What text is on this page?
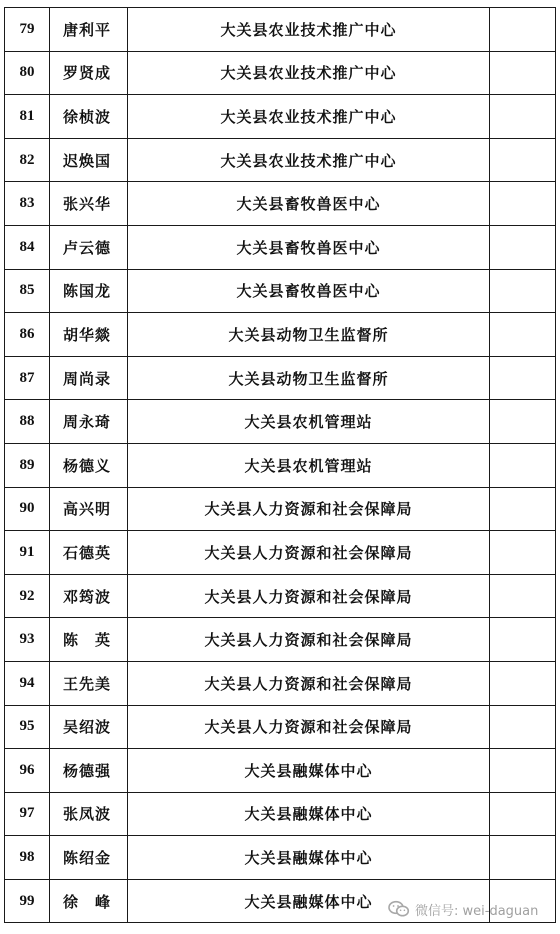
79	唐利平	大关县农业技术推广中心	
80	罗贤成	大关县农业技术推广中心	
81	徐桢波	大关县农业技术推广中心	
82	迟焕国	大关县农业技术推广中心	
83	张兴华	大关县畜牧兽医中心	
84	卢云德	大关县畜牧兽医中心	
85	陈国龙	大关县畜牧兽医中心	
86	胡华燚	大关县动物卫生监督所	
87	周尚录	大关县动物卫生监督所	
88	周永琦	大关县农机管理站	
89	杨德义	大关县农机管理站	
90	高兴明	大关县人力资源和社会保障局	
91	石德英	大关县人力资源和社会保障局	
92	邓筠波	大关县人力资源和社会保障局	
93	陈　英	大关县人力资源和社会保障局	
94	王先美	大关县人力资源和社会保障局	
95	吴绍波	大关县人力资源和社会保障局	
96	杨德强	大关县融媒体中心	
97	张凤波	大关县融媒体中心	
98	陈绍金	大关县融媒体中心	
99	徐　峰	大关县融媒体中心	
微信号: wei-daguan
